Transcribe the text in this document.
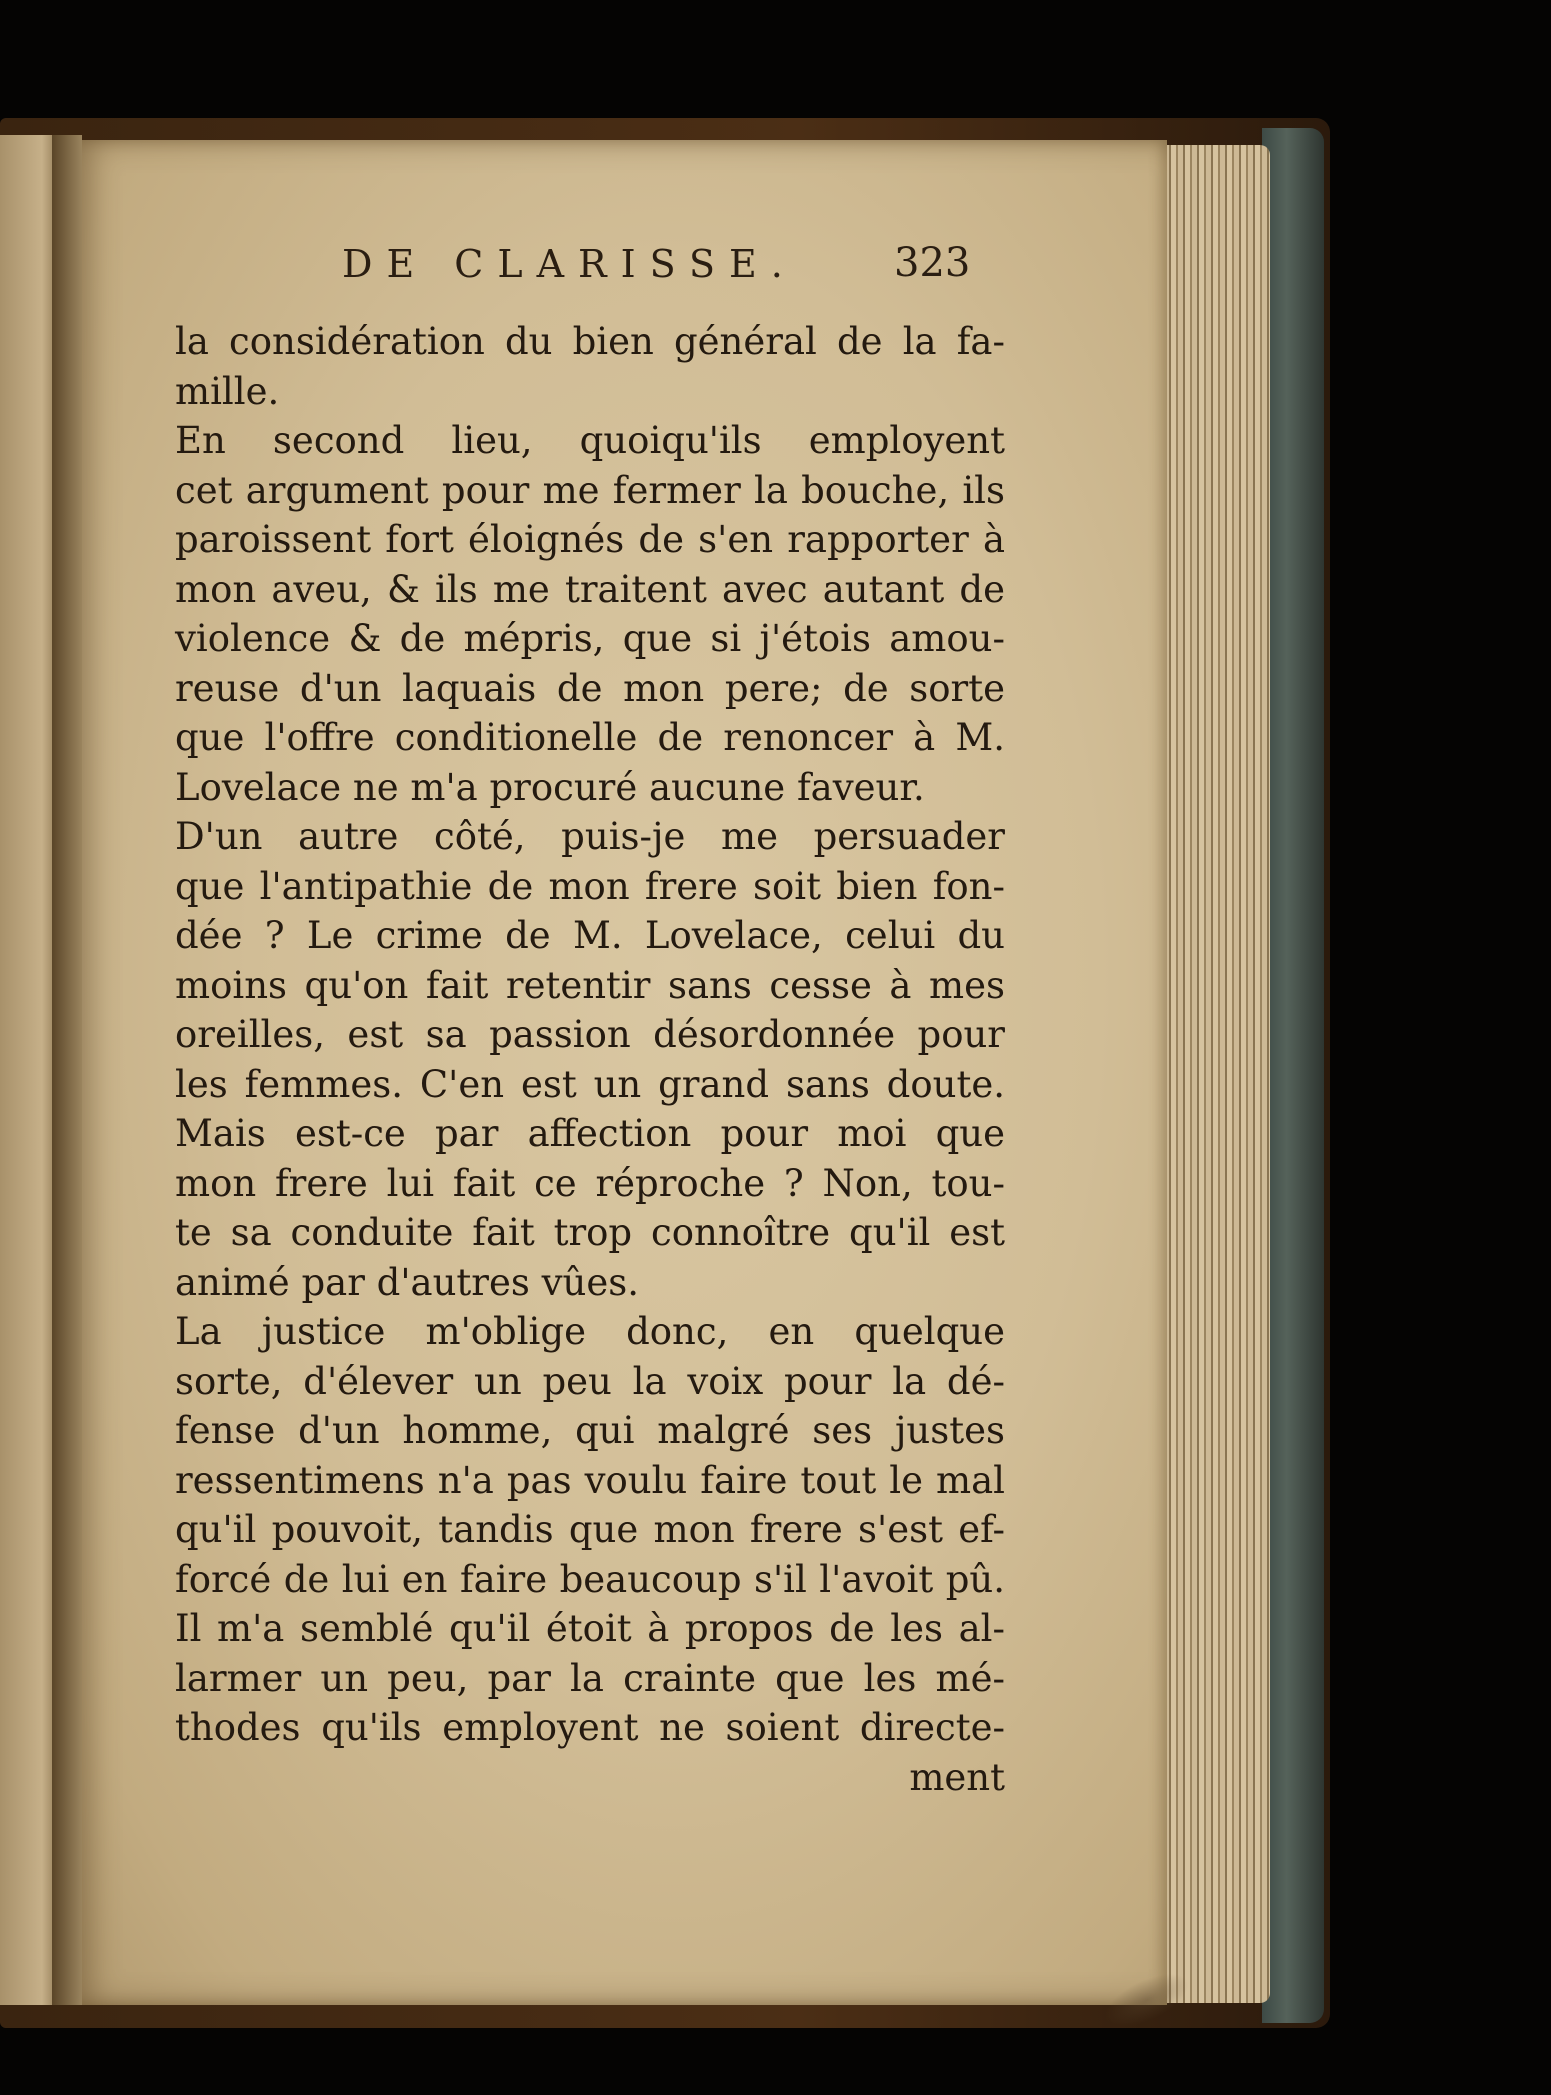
DE CLARISSE. 323
la considération du bien général de la fa-
mille.
En second lieu, quoiqu'ils employent
cet argument pour me fermer la bouche, ils
paroissent fort éloignés de s'en rapporter à
mon aveu, & ils me traitent avec autant de
violence & de mépris, que si j'étois amou-
reuse d'un laquais de mon pere; de sorte
que l'offre conditionelle de renoncer à M.
Lovelace ne m'a procuré aucune faveur.
D'un autre côté, puis-je me persuader
que l'antipathie de mon frere soit bien fon-
dée ? Le crime de M. Lovelace, celui du
moins qu'on fait retentir sans cesse à mes
oreilles, est sa passion désordonnée pour
les femmes. C'en est un grand sans doute.
Mais est-ce par affection pour moi que
mon frere lui fait ce réproche ? Non, tou-
te sa conduite fait trop connoître qu'il est
animé par d'autres vûes.
La justice m'oblige donc, en quelque
sorte, d'élever un peu la voix pour la dé-
fense d'un homme, qui malgré ses justes
ressentimens n'a pas voulu faire tout le mal
qu'il pouvoit, tandis que mon frere s'est ef-
forcé de lui en faire beaucoup s'il l'avoit pû.
Il m'a semblé qu'il étoit à propos de les al-
larmer un peu, par la crainte que les mé-
thodes qu'ils employent ne soient directe-
ment
